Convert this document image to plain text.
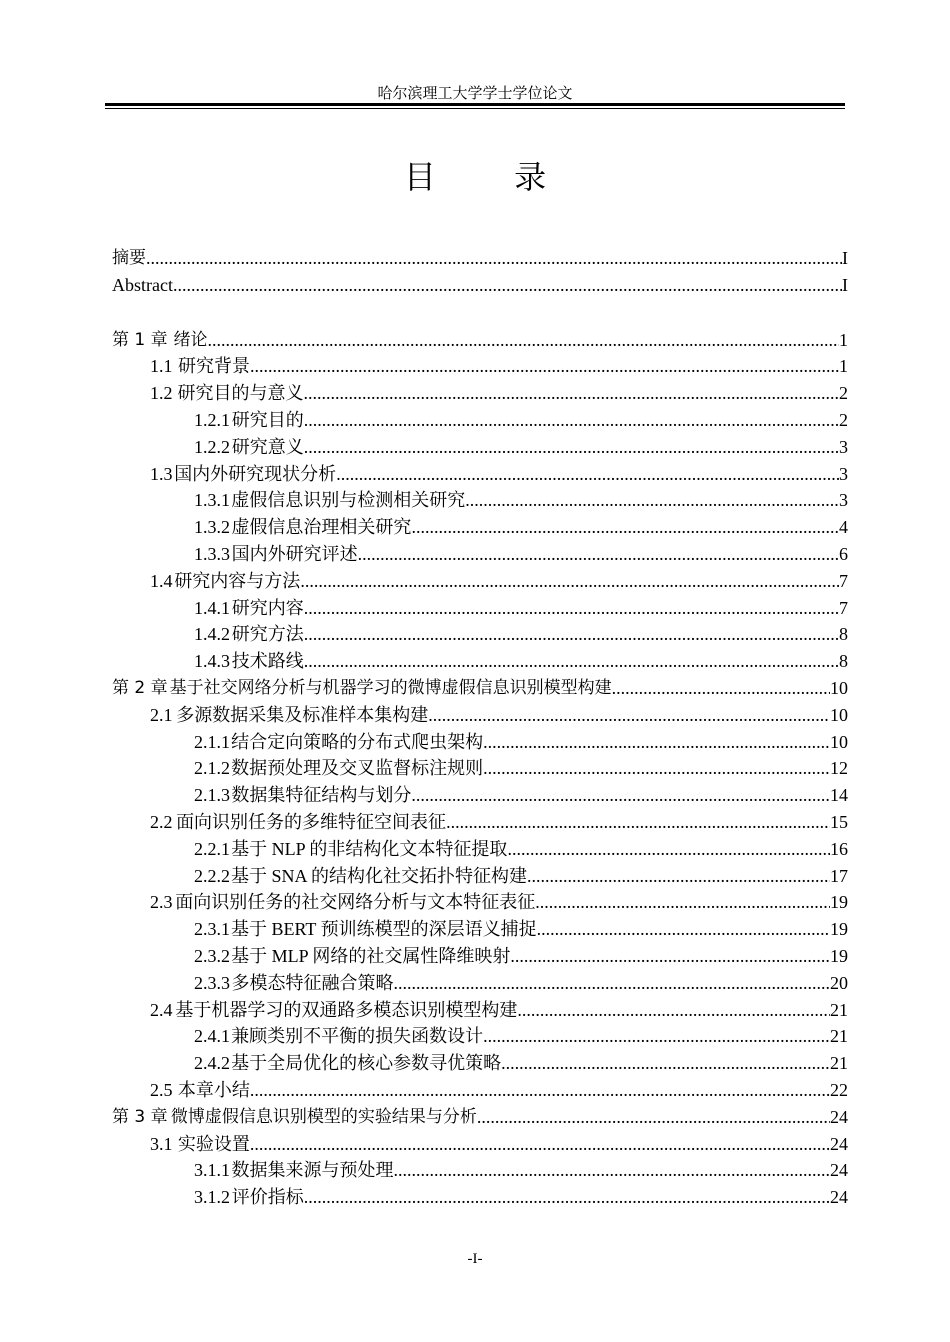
哈尔滨理工大学学士学位论文
目 录
摘要 .....	I
Abstract .....	I
第 1 章 绪论 .....	1
1.1 研究背景 .....	1
1.2 研究目的与意义 .....	2
1.2.1 研究目的 .....	2
1.2.2 研究意义 .....	3
1.3 国内外研究现状分析 .....	3
1.3.1 虚假信息识别与检测相关研究 .....	3
1.3.2 虚假信息治理相关研究 .....	4
1.3.3 国内外研究评述 .....	6
1.4 研究内容与方法 .....	7
1.4.1 研究内容 .....	7
1.4.2 研究方法 .....	8
1.4.3 技术路线 .....	8
第 2 章 基于社交网络分析与机器学习的微博虚假信息识别模型构建 .....	10
2.1 多源数据采集及标准样本集构建 .....	10
2.1.1 结合定向策略的分布式爬虫架构 .....	10
2.1.2 数据预处理及交叉监督标注规则 .....	12
2.1.3 数据集特征结构与划分 .....	14
2.2 面向识别任务的多维特征空间表征 .....	15
2.2.1 基于 NLP 的非结构化文本特征提取 .....	16
2.2.2 基于 SNA 的结构化社交拓扑特征构建 .....	17
2.3 面向识别任务的社交网络分析与文本特征表征 .....	19
2.3.1 基于 BERT 预训练模型的深层语义捕捉 .....	19
2.3.2 基于 MLP 网络的社交属性降维映射 .....	19
2.3.3 多模态特征融合策略 .....	20
2.4 基于机器学习的双通路多模态识别模型构建 .....	21
2.4.1 兼顾类别不平衡的损失函数设计 .....	21
2.4.2 基于全局优化的核心参数寻优策略 .....	21
2.5 本章小结 .....	22
第 3 章 微博虚假信息识别模型的实验结果与分析 .....	24
3.1 实验设置 .....	24
3.1.1 数据集来源与预处理 .....	24
3.1.2 评价指标 .....	24
-I-
